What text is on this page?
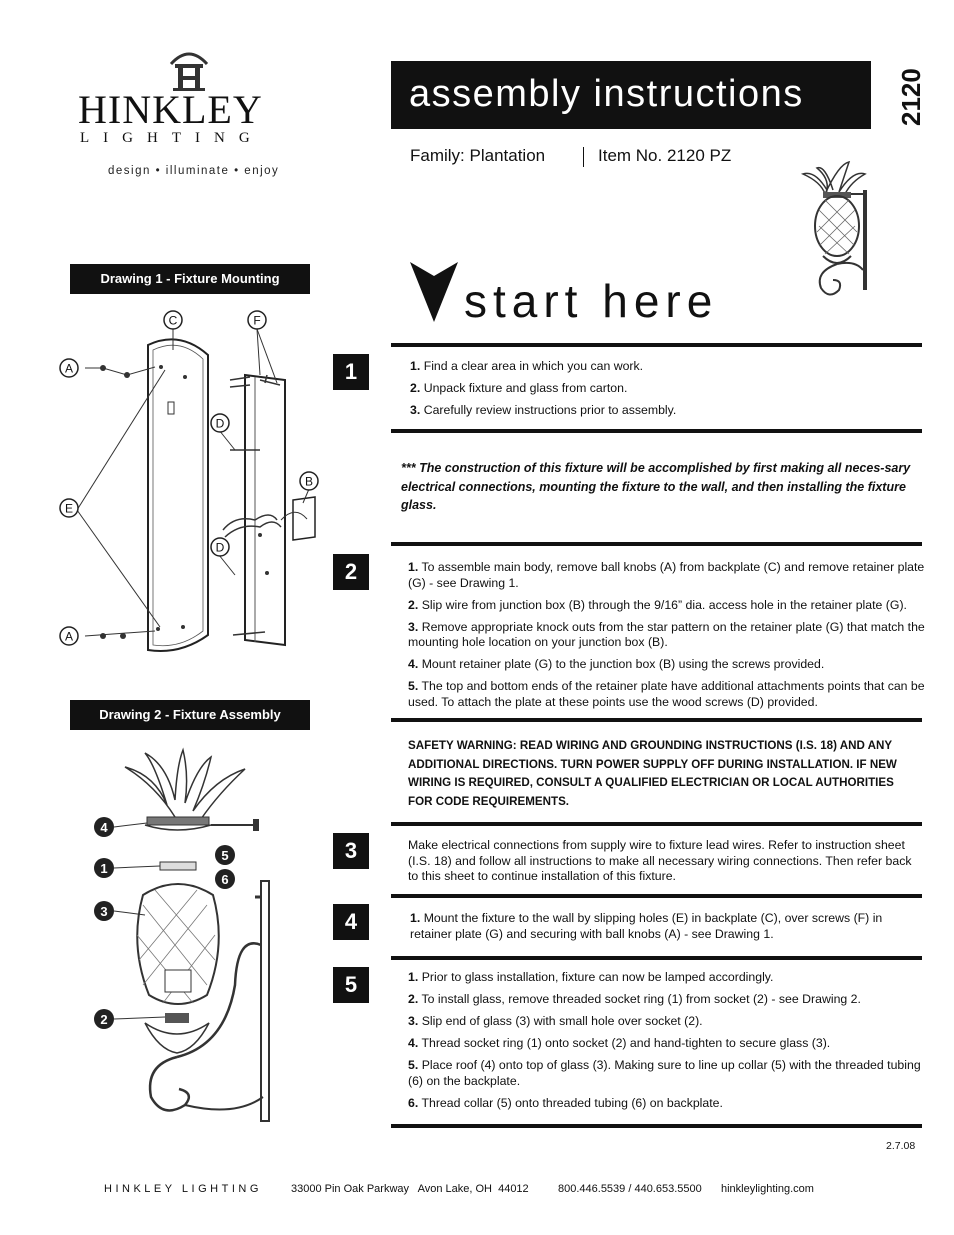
HINKLEY
LIGHTING
design • illuminate • enjoy
assembly instructions	2120
Family: Plantation	Item No. 2120 PZ
start here
Drawing 1 - Fixture Mounting
C	F
A
D
B
E
D
A
Drawing 2 - Fixture Assembly
4
5
1
6
3
2
1	1. Find a clear area in which you can work.

2. Unpack fixture and glass from carton.

3. Carefully review instructions prior to assembly.

*** The construction of this fixture will be accomplished by first making all neces-sary electrical connections, mounting the fixture to the wall, and then installing the fixture glass.
2	1. To assemble main body, remove ball knobs (A) from backplate (C) and remove retainer plate (G) - see Drawing 1.

2. Slip wire from junction box (B) through the 9/16” dia. access hole in the retainer plate (G).

3. Remove appropriate knock outs from the star pattern on the retainer plate (G) that match the mounting hole location on your junction box (B).

4. Mount retainer plate (G) to the junction box (B) using the screws provided.

5. The top and bottom ends of the retainer plate have additional attachments points that can be used. To attach the plate at these points use the wood screws (D) provided.

SAFETY WARNING: READ WIRING AND GROUNDING INSTRUCTIONS (I.S. 18) AND ANY ADDITIONAL DIRECTIONS. TURN POWER SUPPLY OFF DURING INSTALLATION. IF NEW WIRING IS REQUIRED, CONSULT A QUALIFIED ELECTRICIAN OR LOCAL AUTHORITIES FOR CODE REQUIREMENTS.
3	Make electrical connections from supply wire to fixture lead wires. Refer to instruction sheet (I.S. 18) and follow all instructions to make all necessary wiring connections. Then refer back to this sheet to continue installation of this fixture.
4	1. Mount the fixture to the wall by slipping holes (E) in backplate (C), over screws (F) in retainer plate (G) and securing with ball knobs (A) - see Drawing 1.

5	1. Prior to glass installation, fixture can now be lamped accordingly.

2. To install glass, remove threaded socket ring (1) from socket (2) - see Drawing 2.

3. Slip end of glass (3) with small hole over socket (2).

4. Thread socket ring (1) onto socket (2) and hand-tighten to secure glass (3).

5. Place roof (4) onto top of glass (3). Making sure to line up collar (5) with the threaded tubing (6) on the backplate.

6. Thread collar (5) onto threaded tubing (6) on backplate.

2.7.08
HINKLEY LIGHTING	33000 Pin Oak Parkway   Avon Lake, OH  44012	800.446.5539 / 440.653.5500 hinkleylighting.com
